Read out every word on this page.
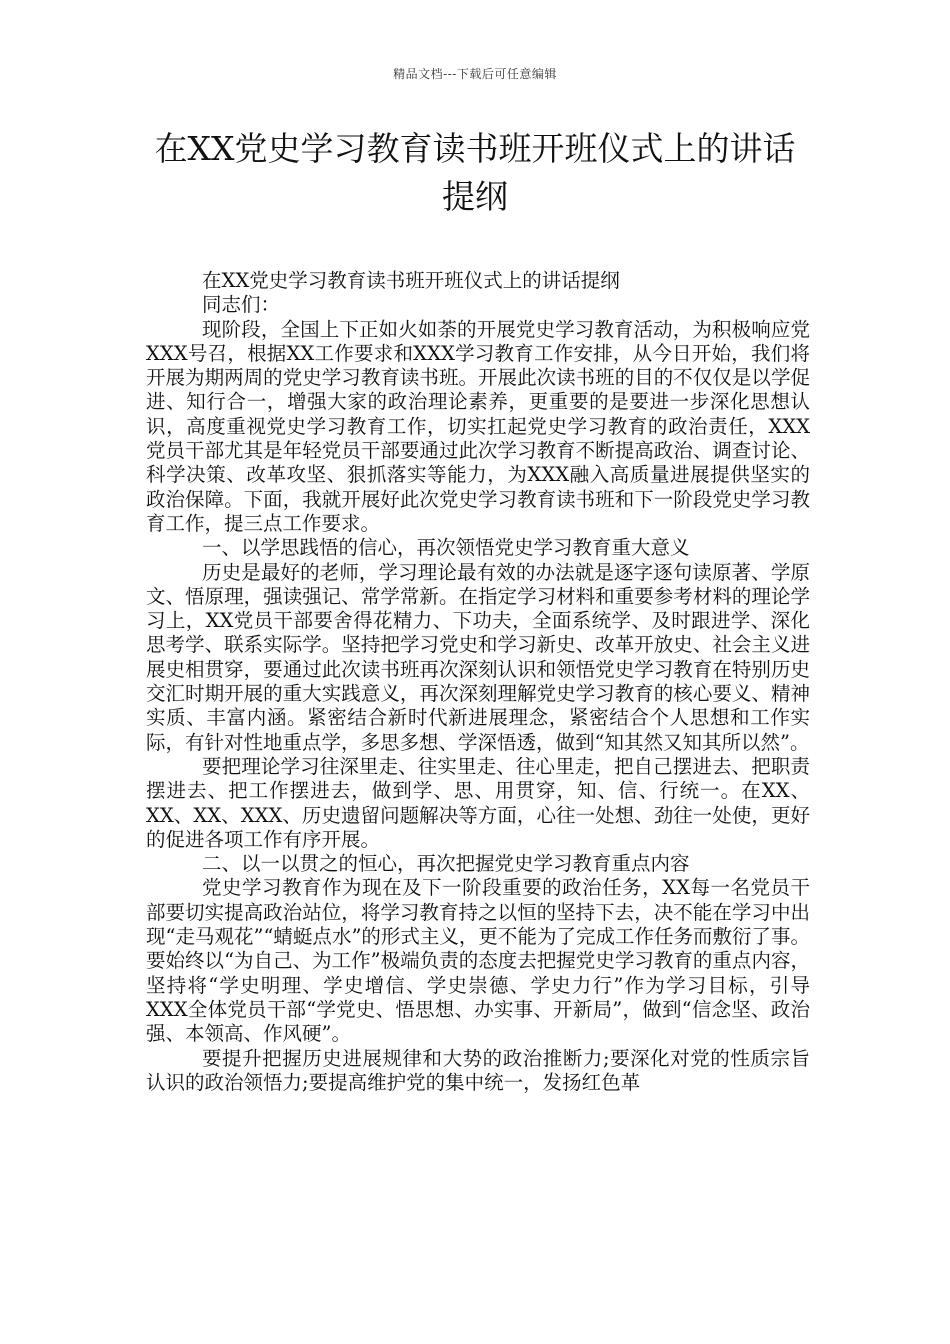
精品文档---下载后可任意编辑
在XX党史学习教育读书班开班仪式上的讲话提纲

在XX党史学习教育读书班开班仪式上的讲话提纲

同志们：

现阶段，全国上下正如火如荼的开展党史学习教育活动，为积极响应党XXX号召，根据XX工作要求和XXX学习教育工作安排，从今日开始，我们将开展为期两周的党史学习教育读书班。开展此次读书班的目的不仅仅是以学促进、知行合一，增强大家的政治理论素养，更重要的是要进一步深化思想认识，高度重视党史学习教育工作，切实扛起党史学习教育的政治责任，XXX党员干部尤其是年轻党员干部要通过此次学习教育不断提高政治、调查讨论、科学决策、改革攻坚、狠抓落实等能力，为XXX融入高质量进展提供坚实的政治保障。下面，我就开展好此次党史学习教育读书班和下一阶段党史学习教育工作，提三点工作要求。

一、以学思践悟的信心，再次领悟党史学习教育重大意义

历史是最好的老师，学习理论最有效的办法就是逐字逐句读原著、学原文、悟原理，强读强记、常学常新。在指定学习材料和重要参考材料的理论学习上，XX党员干部要舍得花精力、下功夫，全面系统学、及时跟进学、深化思考学、联系实际学。坚持把学习党史和学习新史、改革开放史、社会主义进展史相贯穿，要通过此次读书班再次深刻认识和领悟党史学习教育在特别历史交汇时期开展的重大实践意义，再次深刻理解党史学习教育的核心要义、精神实质、丰富内涵。紧密结合新时代新进展理念，紧密结合个人思想和工作实际，有针对性地重点学，多思多想、学深悟透，做到“知其然又知其所以然”。

要把理论学习往深里走、往实里走、往心里走，把自己摆进去、把职责摆进去、把工作摆进去，做到学、思、用贯穿，知、信、行统一。在XX、XX、XX、XXX、历史遗留问题解决等方面，心往一处想、劲往一处使，更好的促进各项工作有序开展。

二、以一以贯之的恒心，再次把握党史学习教育重点内容

党史学习教育作为现在及下一阶段重要的政治任务，XX每一名党员干部要切实提高政治站位，将学习教育持之以恒的坚持下去，决不能在学习中出现“走马观花”“蜻蜓点水”的形式主义，更不能为了完成工作任务而敷衍了事。要始终以“为自己、为工作”极端负责的态度去把握党史学习教育的重点内容，坚持将“学史明理、学史增信、学史崇德、学史力行”作为学习目标，引导XXX全体党员干部“学党史、悟思想、办实事、开新局”，做到“信念坚、政治强、本领高、作风硬”。

要提升把握历史进展规律和大势的政治推断力;要深化对党的性质宗旨认识的政治领悟力;要提高维护党的集中统一，发扬红色革
